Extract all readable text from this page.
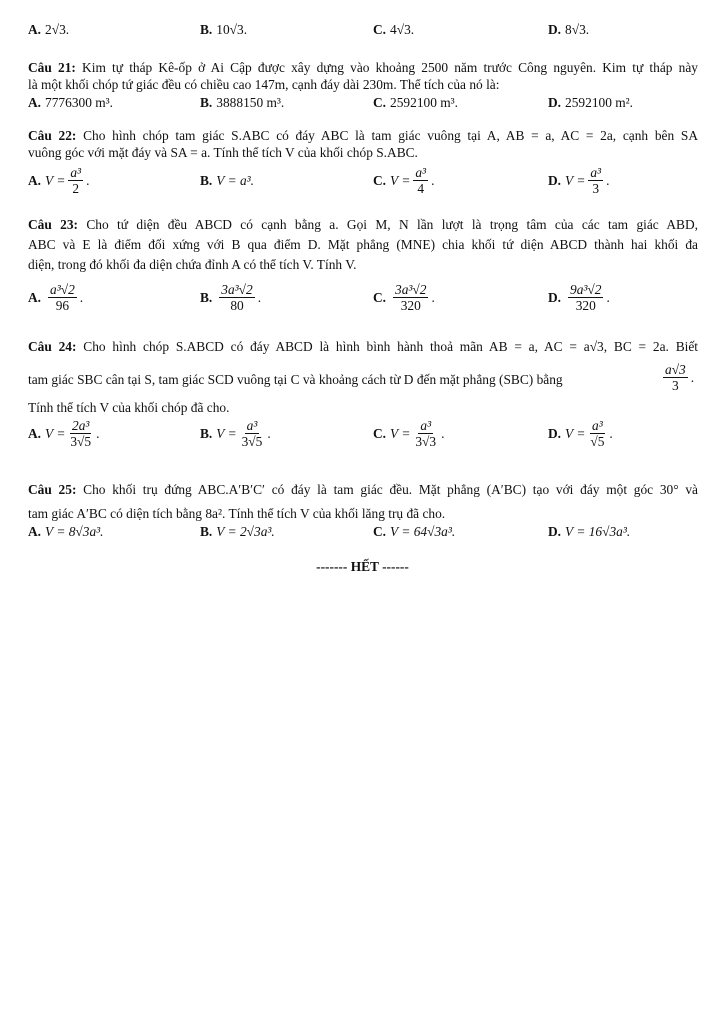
A. 2√3.	B. 10√3.	C. 4√3.	D. 8√3.
Câu 21: Kim tự tháp Kê-ốp ở Ai Cập được xây dựng vào khoảng 2500 năm trước Công nguyên. Kim tự tháp này
là một khối chóp tứ giác đều có chiều cao 147m, cạnh đáy dài 230m. Thể tích của nó là:
A. 7776300 m³.	B. 3888150 m³.	C. 2592100 m³.	D. 2592100 m².
Câu 22: Cho hình chóp tam giác S.ABC có đáy ABC là tam giác vuông tại A, AB = a, AC = 2a, cạnh bên SA
vuông góc với mặt đáy và SA = a. Tính thể tích V của khối chóp S.ABC.
A. $V = \frac{\text{a³}}{2}$ .	B. V = a³.	C. $V = \frac{\text{a³}}{4}$ .	D. $V = \frac{\text{a³}}{3}$ .
Câu 23: Cho tứ diện đều ABCD có cạnh bằng a. Gọi M, N lần lượt là trọng tâm của các tam giác ABD,
ABC và E là điểm đối xứng với B qua điểm D. Mặt phẳng (MNE) chia khối tứ diện ABCD thành hai khối đa
diện, trong đó khối đa diện chứa đỉnh A có thể tích V. Tính V.
A. $\frac{\text{a³√2}}{96}$ .	B. $\frac{\text{3a³√2}}{80}$ .	C. $\frac{\text{3a³√2}}{320}$ .	D. $\frac{\text{9a³√2}}{320}$ .
Câu 24: Cho hình chóp S.ABCD có đáy ABCD là hình bình hành thoả mãn AB = a, AC = a√3, BC = 2a. Biết
tam giác SBC cân tại S, tam giác SCD vuông tại C và khoảng cách từ D đến mặt phẳng (SBC) bằng	$\frac{a√3}{3}$ .
Tính thể tích V của khối chóp đã cho.
A. $V = \frac{\text{2a³}}{3√5}$ .	B. $V = \frac{\text{a³}}{3√5}$ .	C. $V = \frac{\text{a³}}{3√3}$ .	D. $V = \frac{\text{a³}}{√5}$ .
Câu 25: Cho khối trụ đứng ABC.A′B′C′ có đáy là tam giác đều. Mặt phẳng (A′BC) tạo với đáy một góc 30° và
tam giác A′BC có diện tích bằng 8a². Tính thể tích V của khối lăng trụ đã cho.
A. V = 8√3a³.	B. V = 2√3a³.	C. V = 64√3a³.	D. V = 16√3a³.
------- HẾT ------
